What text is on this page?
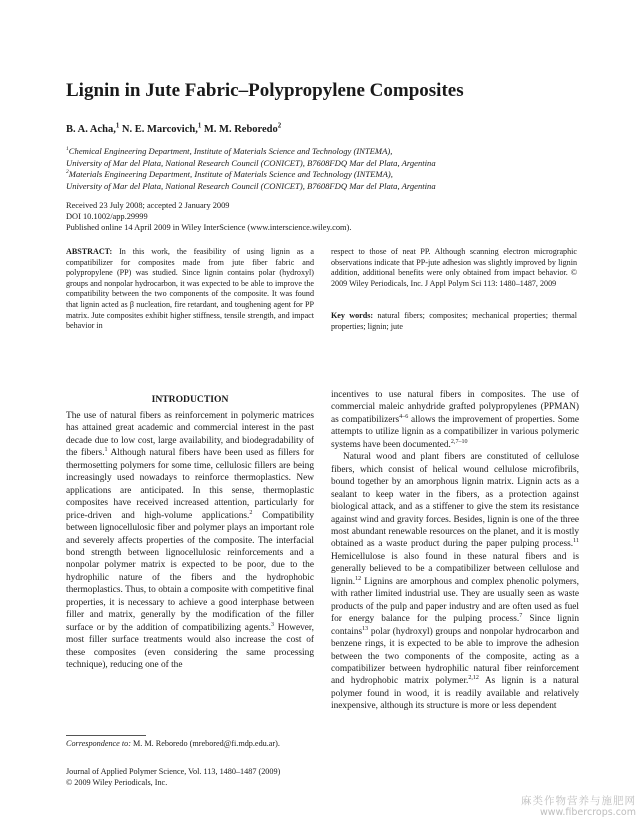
Lignin in Jute Fabric–Polypropylene Composites
B. A. Acha,$^1$ N. E. Marcovich,$^1$ M. M. Reboredo$^2$
$^1$Chemical Engineering Department, Institute of Materials Science and Technology (INTEMA),
University of Mar del Plata, National Research Council (CONICET), B7608FDQ Mar del Plata, Argentina
$^2$Materials Engineering Department, Institute of Materials Science and Technology (INTEMA),
University of Mar del Plata, National Research Council (CONICET), B7608FDQ Mar del Plata, Argentina
Received 23 July 2008; accepted 2 January 2009
DOI 10.1002/app.29999
Published online 14 April 2009 in Wiley InterScience (www.interscience.wiley.com).
ABSTRACT: In this work, the feasibility of using lignin as a compatibilizer for composites made from jute fiber fabric and polypropylene (PP) was studied. Since lignin contains polar (hydroxyl) groups and nonpolar hydrocarbon, it was expected to be able to improve the compatibility between the two components of the composite. It was found that lignin acted as β nucleation, fire retardant, and toughening agent for PP matrix. Jute composites exhibit higher stiffness, tensile strength, and impact behavior in
respect to those of neat PP. Although scanning electron micrographic observations indicate that PP-jute adhesion was slightly improved by lignin addition, additional benefits were only obtained from impact behavior. © 2009 Wiley Periodicals, Inc. J Appl Polym Sci 113: 1480–1487, 2009
Key words: natural fibers; composites; mechanical properties; thermal properties; lignin; jute
INTRODUCTION

The use of natural fibers as reinforcement in polymeric matrices has attained great academic and commercial interest in the past decade due to low cost, large availability, and biodegradability of the fibers.$^1$ Although natural fibers have been used as fillers for thermosetting polymers for some time, cellulosic fillers are being increasingly used nowadays to reinforce thermoplastics. New applications are anticipated. In this sense, thermoplastic composites have received increased attention, particularly for price-driven and high-volume applications.$^2$ Compatibility between lignocellulosic fiber and polymer plays an important role and severely affects properties of the composite. The interfacial bond strength between lignocellulosic reinforcements and a nonpolar polymer matrix is expected to be poor, due to the hydrophilic nature of the fibers and the hydrophobic thermoplastics. Thus, to obtain a composite with competitive final properties, it is necessary to achieve a good interphase between filler and matrix, generally by the modification of the filler surface or by the addition of compatibilizing agents.$^3$ However, most filler surface treatments would also increase the cost of these composites (even considering the same processing technique), reducing one of the

incentives to use natural fibers in composites. The use of commercial maleic anhydride grafted polypropylenes (PPMAN) as compatibilizers$^{4-6}$ allows the improvement of properties. Some attempts to utilize lignin as a compatibilizer in various polymeric systems have been documented.$^{2,7-10}$

Natural wood and plant fibers are constituted of cellulose fibers, which consist of helical wound cellulose microfibrils, bound together by an amorphous lignin matrix. Lignin acts as a sealant to keep water in the fibers, as a protection against biological attack, and as a stiffener to give the stem its resistance against wind and gravity forces. Besides, lignin is one of the three most abundant renewable resources on the planet, and it is mostly obtained as a waste product during the paper pulping process.$^{11}$ Hemicellulose is also found in these natural fibers and is generally believed to be a compatibilizer between cellulose and lignin.$^{12}$ Lignins are amorphous and complex phenolic polymers, with rather limited industrial use. They are usually seen as waste products of the pulp and paper industry and are often used as fuel for energy balance for the pulping process.$^7$ Since lignin contains$^{13}$ polar (hydroxyl) groups and nonpolar hydrocarbon and benzene rings, it is expected to be able to improve the adhesion between the two components of the composite, acting as a compatibilizer between hydrophilic natural fiber reinforcement and hydrophobic matrix polymer.$^{2,12}$ As lignin is a natural polymer found in wood, it is readily available and relatively inexpensive, although its structure is more or less dependent

Correspondence to: M. M. Reboredo (mrebored@fi.mdp.edu.ar).
Journal of Applied Polymer Science, Vol. 113, 1480–1487 (2009)
© 2009 Wiley Periodicals, Inc.
麻类作物营养与施肥网
www.fibercrops.com
